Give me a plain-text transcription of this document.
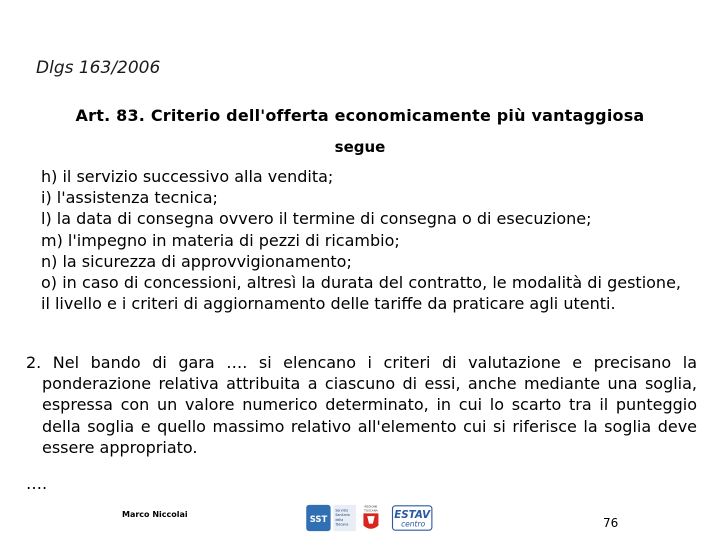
Dlgs 163/2006
Art. 83. Criterio dell'offerta economicamente più vantaggiosa
segue
h) il servizio successivo alla vendita;
i) l'assistenza tecnica;
l) la data di consegna ovvero il termine di consegna o di esecuzione;
m) l'impegno in materia di pezzi di ricambio;
n) la sicurezza di approvvigionamento;
o) in caso di concessioni, altresì la durata del contratto, le modalità di gestione, il livello e i criteri di aggiornamento delle tariffe da praticare agli utenti.
2. Nel bando di gara …. si elencano i criteri di valutazione e precisano la ponderazione relativa attribuita a ciascuno di essi, anche mediante una soglia, espressa con un valore numerico determinato, in cui lo scarto tra il punteggio della soglia e quello massimo relativo all'elemento cui si riferisce la soglia deve essere appropriato.
….
Marco Niccolai	SST
Servizio Sanitario della Toscana
REGIONE
TOSCANA ESTAV
centro	76
